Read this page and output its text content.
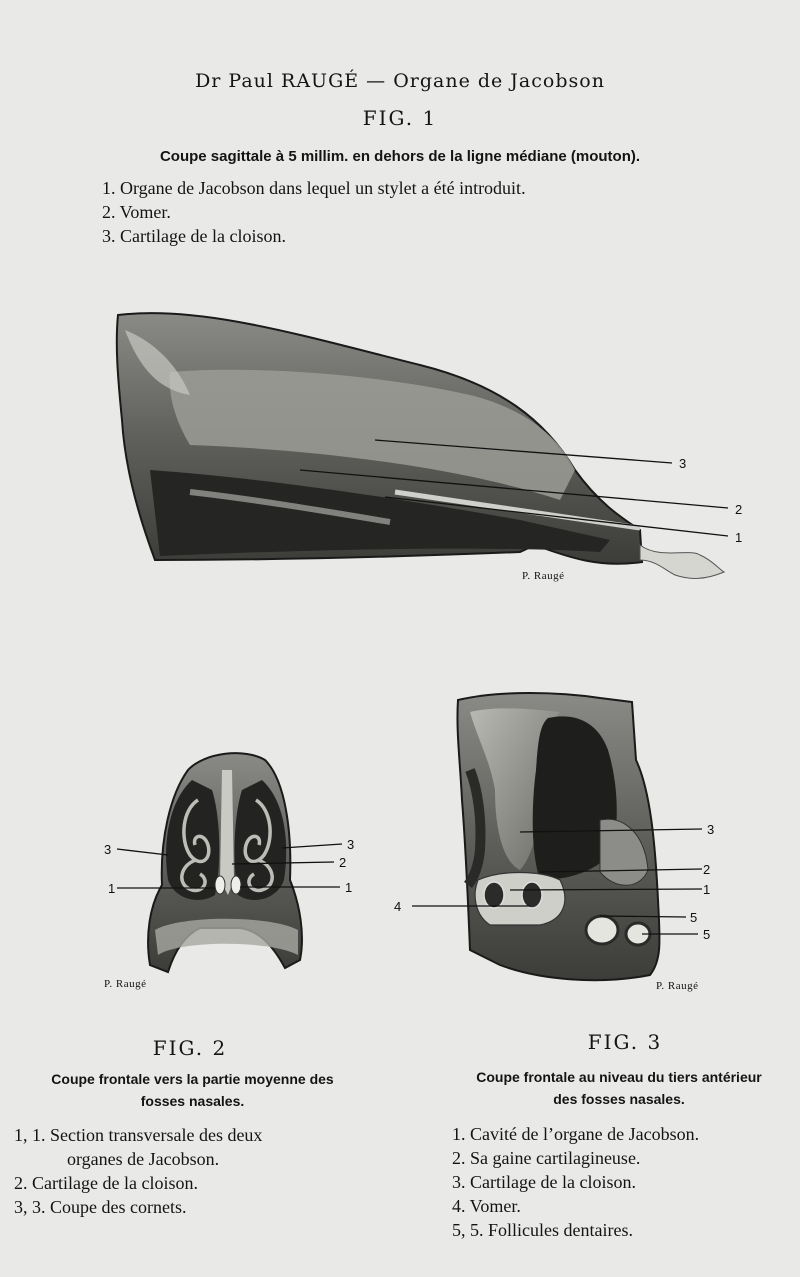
Dr Paul RAUGÉ — Organe de Jacobson
FIG. 1
Coupe sagittale à 5 millim. en dehors de la ligne médiane (mouton).
1. Organe de Jacobson dans lequel un stylet a été introduit.
2. Vomer.
3. Cartilage de la cloison.
3
2
1
3
1
3
2
1
3
2
1
5
5
4
P. Raugé
P. Raugé	P. Raugé
FIG. 2
Coupe frontale vers la partie moyenne des
fosses nasales.
1, 1. Section transversale des deux
organes de Jacobson.
2. Cartilage de la cloison.
3, 3. Coupe des cornets.
FIG. 3
Coupe frontale au niveau du tiers antérieur
des fosses nasales.
1. Cavité de l’organe de Jacobson.
2. Sa gaine cartilagineuse.
3. Cartilage de la cloison.
4. Vomer.
5, 5. Follicules dentaires.
